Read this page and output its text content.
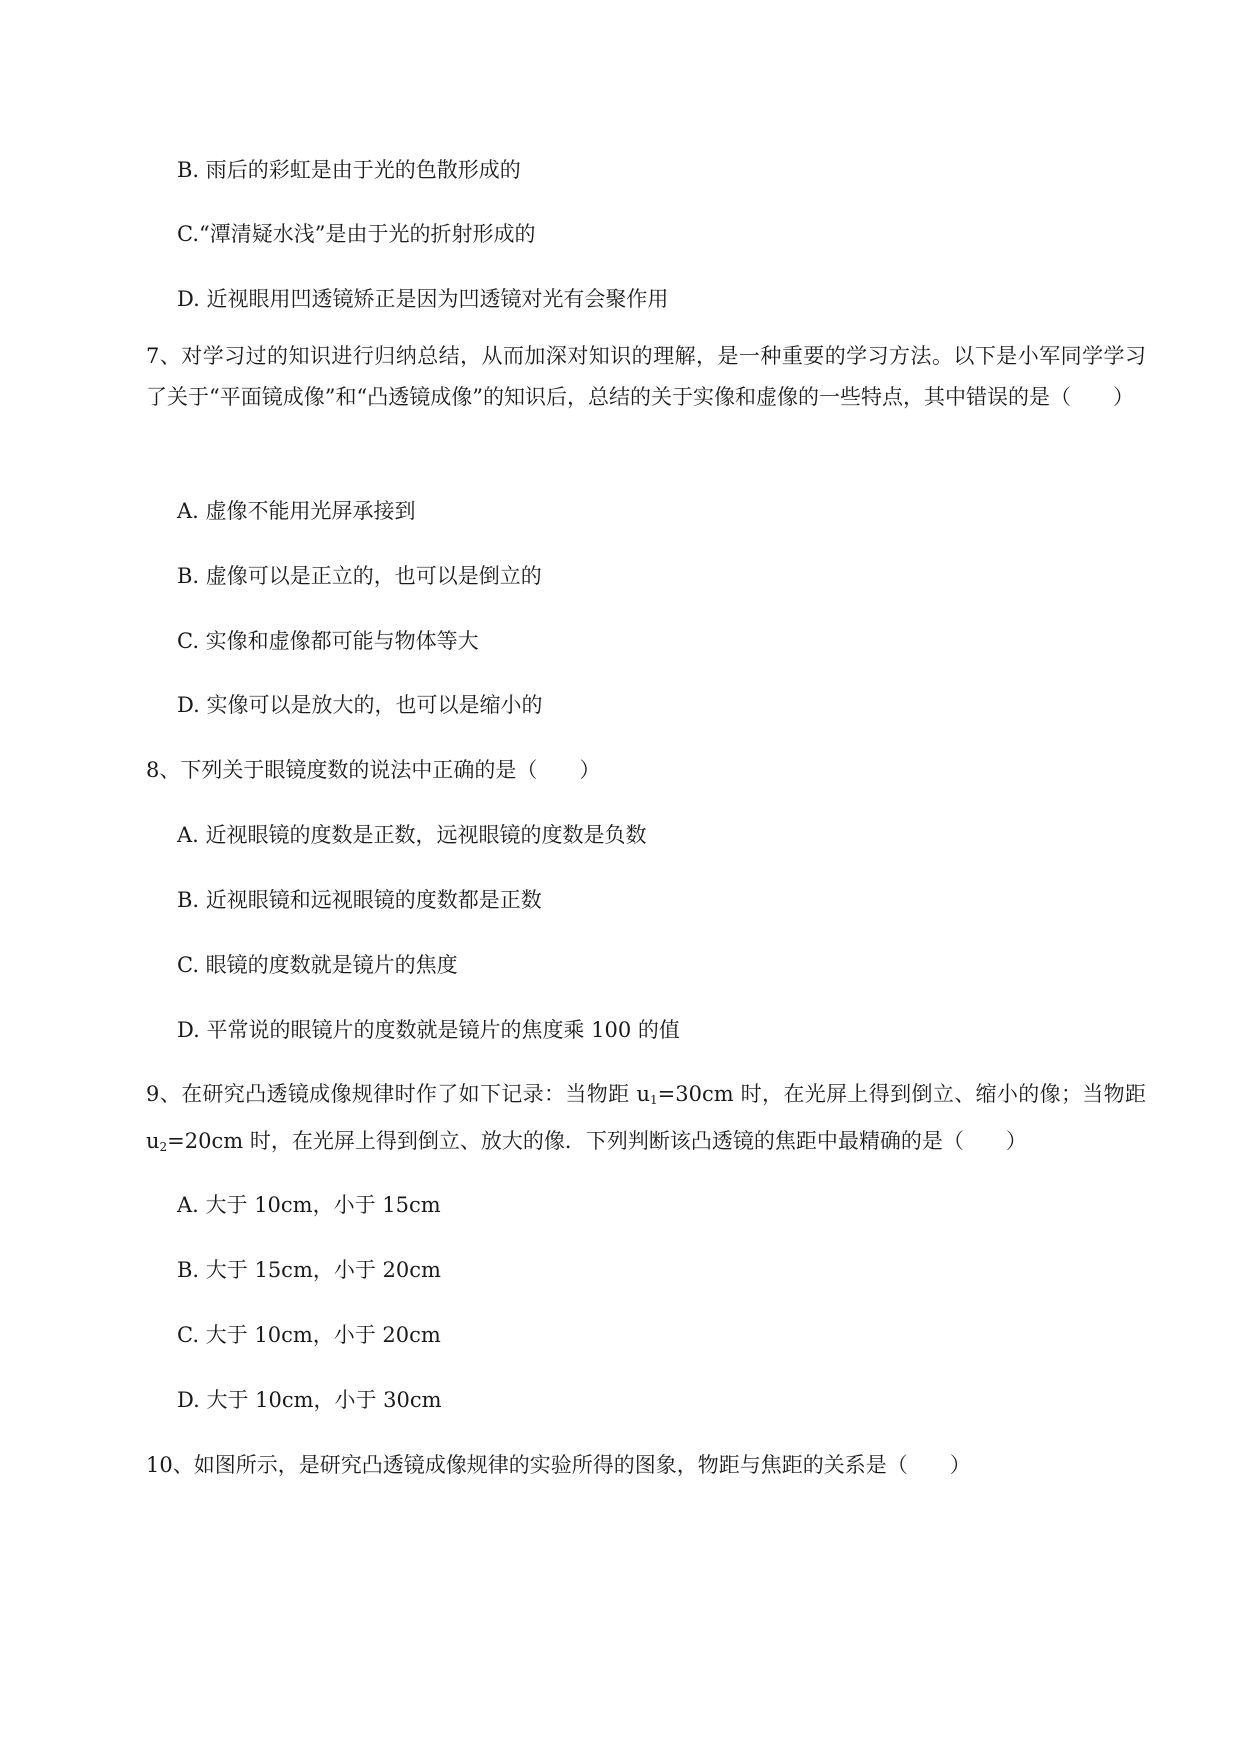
B. 雨后的彩虹是由于光的色散形成的
C.“潭清疑水浅”是由于光的折射形成的
D. 近视眼用凹透镜矫正是因为凹透镜对光有会聚作用
7、对学习过的知识进行归纳总结，从而加深对知识的理解，是一种重要的学习方法。以下是小军同学学习了关于“平面镜成像”和“凸透镜成像”的知识后，总结的关于实像和虚像的一些特点，其中错误的是（　　）
A. 虚像不能用光屏承接到
B. 虚像可以是正立的，也可以是倒立的
C. 实像和虚像都可能与物体等大
D. 实像可以是放大的，也可以是缩小的
8、下列关于眼镜度数的说法中正确的是（　　）
A. 近视眼镜的度数是正数，远视眼镜的度数是负数
B. 近视眼镜和远视眼镜的度数都是正数
C. 眼镜的度数就是镜片的焦度
D. 平常说的眼镜片的度数就是镜片的焦度乘 100 的值
9、在研究凸透镜成像规律时作了如下记录：当物距 $u_1=30cm$ 时，在光屏上得到倒立、缩小的像；当物距 $u_2=20cm$ 时，在光屏上得到倒立、放大的像．下列判断该凸透镜的焦距中最精确的是（　　）
A. 大于 10cm，小于 15cm
B. 大于 15cm，小于 20cm
C. 大于 10cm，小于 20cm
D. 大于 10cm，小于 30cm
10、如图所示，是研究凸透镜成像规律的实验所得的图象，物距与焦距的关系是（　　）
